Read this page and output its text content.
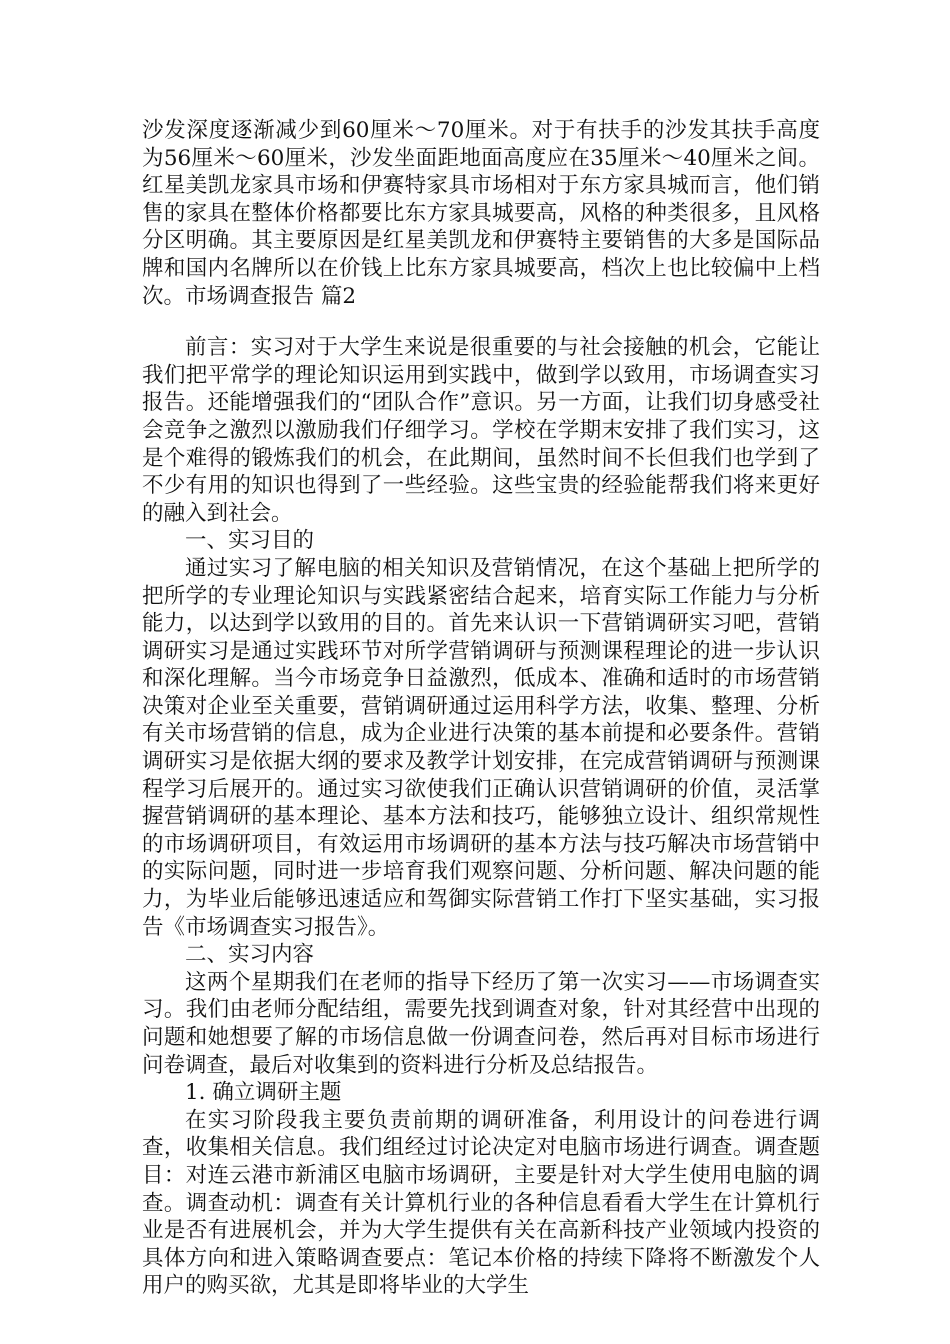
沙发深度逐渐减少到60厘米～70厘米。对于有扶手的沙发其扶手高度为56厘米～60厘米，沙发坐面距地面高度应在35厘米～40厘米之间。红星美凯龙家具市场和伊赛特家具市场相对于东方家具城而言，他们销售的家具在整体价格都要比东方家具城要高，风格的种类很多，且风格分区明确。其主要原因是红星美凯龙和伊赛特主要销售的大多是国际品牌和国内名牌所以在价钱上比东方家具城要高，档次上也比较偏中上档次。市场调查报告 篇2

前言：实习对于大学生来说是很重要的与社会接触的机会，它能让我们把平常学的理论知识运用到实践中，做到学以致用，市场调查实习报告。还能增强我们的“团队合作”意识。另一方面，让我们切身感受社会竞争之激烈以激励我们仔细学习。学校在学期末安排了我们实习，这是个难得的锻炼我们的机会，在此期间，虽然时间不长但我们也学到了不少有用的知识也得到了一些经验。这些宝贵的经验能帮我们将来更好的融入到社会。

一、实习目的

通过实习了解电脑的相关知识及营销情况，在这个基础上把所学的把所学的专业理论知识与实践紧密结合起来，培育实际工作能力与分析能力，以达到学以致用的目的。首先来认识一下营销调研实习吧，营销调研实习是通过实践环节对所学营销调研与预测课程理论的进一步认识和深化理解。当今市场竞争日益激烈，低成本、准确和适时的市场营销决策对企业至关重要，营销调研通过运用科学方法，收集、整理、分析有关市场营销的信息，成为企业进行决策的基本前提和必要条件。营销调研实习是依据大纲的要求及教学计划安排，在完成营销调研与预测课程学习后展开的。通过实习欲使我们正确认识营销调研的价值，灵活掌握营销调研的基本理论、基本方法和技巧，能够独立设计、组织常规性的市场调研项目，有效运用市场调研的基本方法与技巧解决市场营销中的实际问题，同时进一步培育我们观察问题、分析问题、解决问题的能力，为毕业后能够迅速适应和驾御实际营销工作打下坚实基础，实习报告《市场调查实习报告》。

二、实习内容

这两个星期我们在老师的指导下经历了第一次实习——市场调查实习。我们由老师分配结组，需要先找到调查对象，针对其经营中出现的问题和她想要了解的市场信息做一份调查问卷，然后再对目标市场进行问卷调查，最后对收集到的资料进行分析及总结报告。

1. 确立调研主题

在实习阶段我主要负责前期的调研准备，利用设计的问卷进行调查，收集相关信息。我们组经过讨论决定对电脑市场进行调查。调查题目：对连云港市新浦区电脑市场调研，主要是针对大学生使用电脑的调查。调查动机：调查有关计算机行业的各种信息看看大学生在计算机行业是否有进展机会，并为大学生提供有关在高新科技产业领域内投资的具体方向和进入策略调查要点：笔记本价格的持续下降将不断激发个人用户的购买欲，尤其是即将毕业的大学生
